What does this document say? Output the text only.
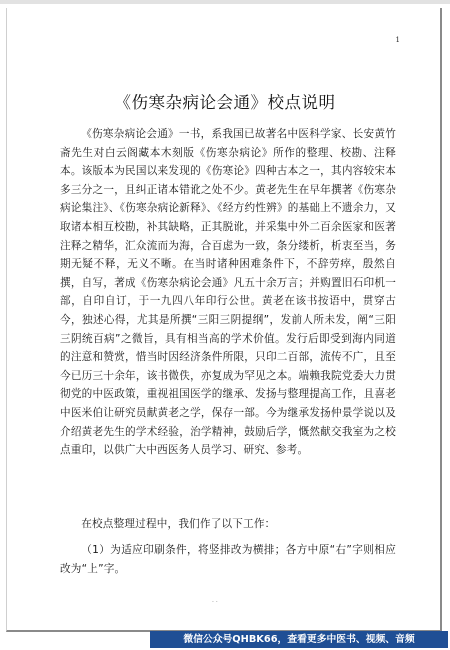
1
《伤寒杂病论会通》校点说明

《伤寒杂病论会通》一书，系我国已故著名中医科学家、长安黄竹斋先生对白云阁藏本木刻版《伤寒杂病论》所作的整理、校勘、注释本。该版本为民国以来发现的《伤寒论》四种古本之一，其内容较宋本多三分之一，且纠正诸本错讹之处不少。黄老先生在早年撰著《伤寒杂病论集注》、《伤寒杂病论新释》、《经方约性辨》的基础上不遗余力，又取诸本相互校勘，补其缺略，正其脱讹，并采集中外二百余医家和医著注释之精华，汇众流而为海，合百虑为一致，条分缕析，析衷至当，务期无疑不释，无义不晰。在当时诸种困难条件下，不辞劳瘁，殷然自撰，自写，著成《伤寒杂病论会通》凡五十余万言；并购置旧石印机一部，自印自订，于一九四八年印行公世。黄老在该书按语中，贯穿古今，独述心得，尤其是所撰“三阳三阴提纲”，发前人所未发，阐“三阳三阴统百病”之微旨，具有相当高的学术价值。发行后即受到海内同道的注意和赞赏，惜当时因经济条件所限，只印二百部，流传不广，且至今已历三十余年，该书微佚，亦复成为罕见之本。端赖我院党委大力贯彻党的中医政策，重视祖国医学的继承、发扬与整理提高工作，且喜老中医米伯让研究员献黄老之学，保存一部。今为继承发扬仲景学说以及介绍黄老先生的学术经验，治学精神，鼓励后学，慨然献交我室为之校点重印，以供广大中西医务人员学习、研究、参考。

在校点整理过程中，我们作了以下工作：

（1）为适应印刷条件，将竖排改为横排；各方中原“右”字则相应改为“上”字。

. .
微信公众号QHBK66，查看更多中医书、视频、音频
